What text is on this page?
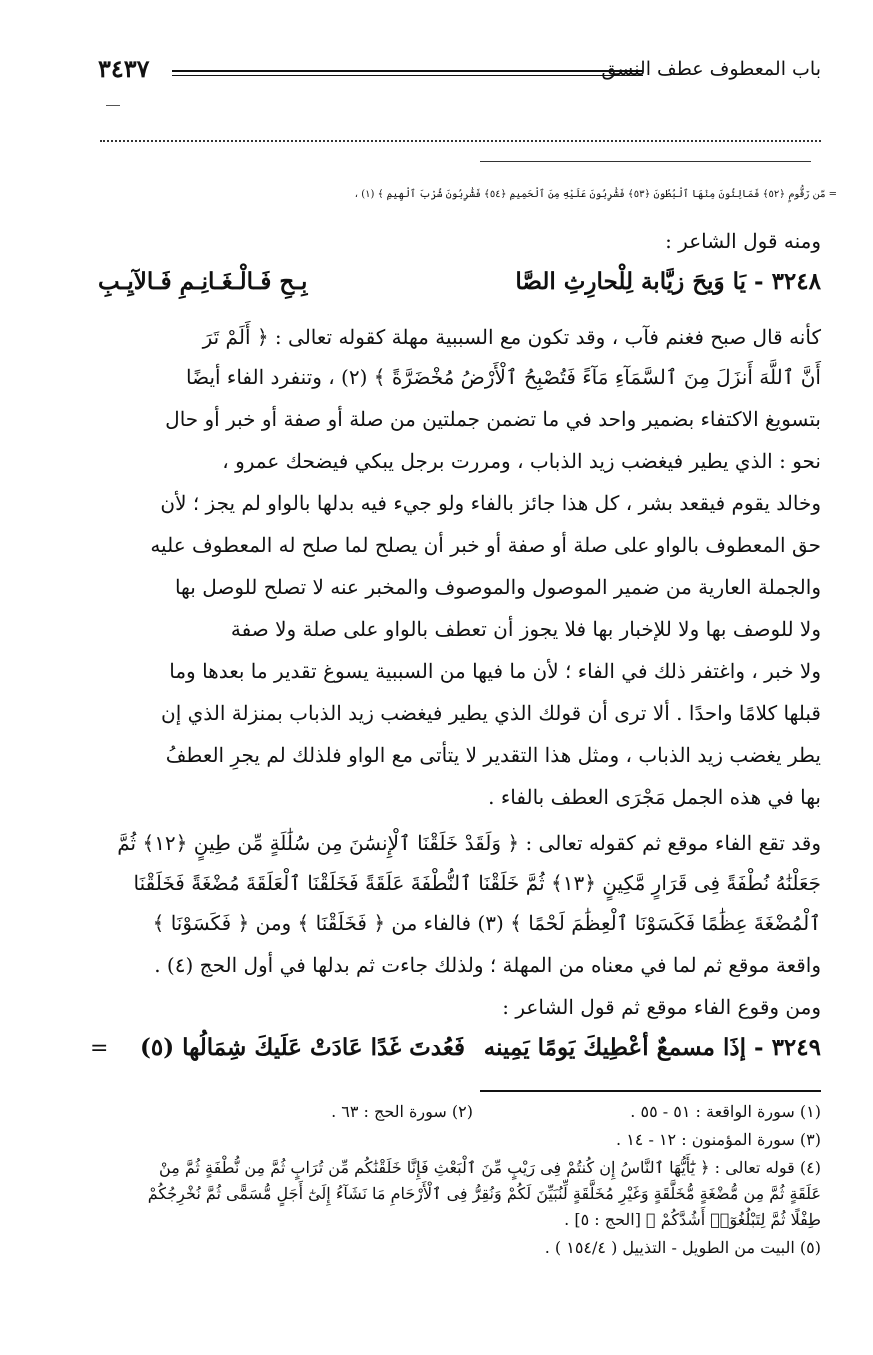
باب المعطوف عطف النسق
٣٤٣٧
= مّن زَقُّومٍ ﴿٥٢﴾ فَمَالِئُونَ مِنْهَا ٱلْبُطُونَ ﴿٥٣﴾ فَشَٰرِبُونَ عَلَيْهِ مِنَ ٱلْحَمِيمِ ﴿٥٤﴾ فَشَٰرِبُونَ شُرْبَ ٱلْهِيمِ ﴾ (١) ،
ومنه قول الشاعر :
٣٢٤٨ - يَا وَيحَ زيَّابة لِلْحارِثِ الصَّا
بِـحِ فَـالْـغَـانِـمِ فَـالآيِـبِ
كأنه قال صبح فغنم فآب ، وقد تكون مع السببية مهلة كقوله تعالى : ﴿ أَلَمْ تَرَ
أَنَّ ٱللَّهَ أَنزَلَ مِنَ ٱلسَّمَآءِ مَآءً فَتُصْبِحُ ٱلْأَرْضُ مُخْضَرَّةً ﴾ (٢) ، وتنفرد الفاء أيضًا
بتسويغ الاكتفاء بضمير واحد في ما تضمن جملتين من صلة أو صفة أو خبر أو حال
نحو : الذي يطير فيغضب زيد الذباب ، ومررت برجل يبكي فيضحك عمرو ،
وخالد يقوم فيقعد بشر ، كل هذا جائز بالفاء ولو جيء فيه بدلها بالواو لم يجز ؛ لأن
حق المعطوف بالواو على صلة أو صفة أو خبر أن يصلح لما صلح له المعطوف عليه
والجملة العارية من ضمير الموصول والموصوف والمخبر عنه لا تصلح للوصل بها
ولا للوصف بها ولا للإخبار بها فلا يجوز أن تعطف بالواو على صلة ولا صفة
ولا خبر ، واغتفر ذلك في الفاء ؛ لأن ما فيها من السببية يسوغ تقدير ما بعدها وما
قبلها كلامًا واحدًا . ألا ترى أن قولك الذي يطير فيغضب زيد الذباب بمنزلة الذي إن
يطر يغضب زيد الذباب ، ومثل هذا التقدير لا يتأتى مع الواو فلذلك لم يجرِ العطفُ
بها في هذه الجمل مَجْرَى العطف بالفاء .
وقد تقع الفاء موقع ثم كقوله تعالى : ﴿ وَلَقَدْ خَلَقْنَا ٱلْإِنسَٰنَ مِن سُلَٰلَةٍ مِّن طِينٍ ﴿١٢﴾ ثُمَّ
جَعَلْنَٰهُ نُطْفَةً فِى قَرَارٍ مَّكِينٍ ﴿١٣﴾ ثُمَّ خَلَقْنَا ٱلنُّطْفَةَ عَلَقَةً فَخَلَقْنَا ٱلْعَلَقَةَ مُضْغَةً فَخَلَقْنَا
ٱلْمُضْغَةَ عِظَٰمًا فَكَسَوْنَا ٱلْعِظَٰمَ لَحْمًا ﴾ (٣) فالفاء من ﴿ فَخَلَقْنَا ﴾ ومن ﴿ فَكَسَوْنَا ﴾
واقعة موقع ثم لما في معناه من المهلة ؛ ولذلك جاءت ثم بدلها في أول الحج (٤) .
ومن وقوع الفاء موقع ثم قول الشاعر :
٣٢٤٩ - إذَا مسمعٌ أعْطِيكَ يَومًا يَمِينه
فَعُدتَ غَدًا عَادَتْ عَلَيكَ شِمَالُها (٥)
=
(١) سورة الواقعة : ٥١ - ٥٥ .
(٢) سورة الحج : ٦٣ .
(٣) سورة المؤمنون : ١٢ - ١٤ .
(٤) قوله تعالى : ﴿ يَٰٓأَيُّهَا ٱلنَّاسُ إِن كُنتُمْ فِى رَيْبٍ مِّنَ ٱلْبَعْثِ فَإِنَّا خَلَقْنَٰكُم مِّن تُرَابٍ ثُمَّ مِن نُّطْفَةٍ ثُمَّ مِنْ
عَلَقَةٍ ثُمَّ مِن مُّضْغَةٍ مُّخَلَّقَةٍ وَغَيْرِ مُخَلَّقَةٍ لِّنُبَيِّنَ لَكُمْ وَنُقِرُّ فِى ٱلْأَرْحَامِ مَا نَشَآءُ إِلَىٰٓ أَجَلٍ مُّسَمًّى ثُمَّ نُخْرِجُكُمْ
طِفْلًا ثُمَّ لِتَبْلُغُوٓا۟ أَشُدَّكُمْ ﴾ [الحج : ٥] .
(٥) البيت من الطويل - التذييل ( ١٥٤/٤ ) .
